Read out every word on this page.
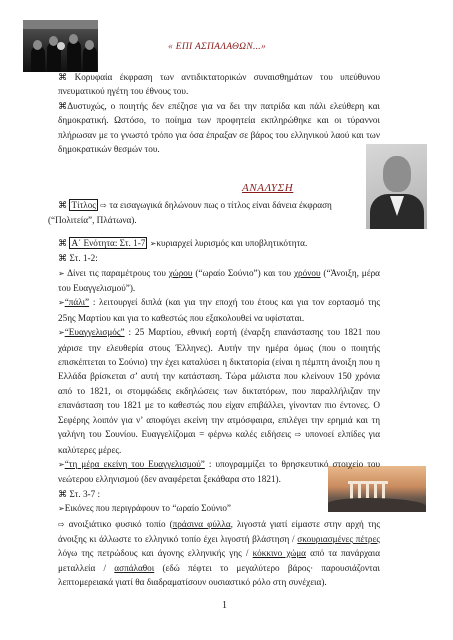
« ΕΠΙ ΑΣΠΑΛΑΘΩΝ...»

⌘ Κορυφαία έκφραση των αντιδικτατορικών συναισθημάτων του υπεύθυνου πνευματικού ηγέτη του έθνους του.

⌘Δυστυχώς, ο ποιητής δεν επέζησε για να δει την πατρίδα και πάλι ελεύθερη και δημοκρατική. Ωστόσο, το ποίημα των προφητεία εκπληρώθηκε και οι τύραννοι πλήρωσαν με το γνωστό τρόπο για όσα έπραξαν σε βάρος του ελληνικού λαού και των δημοκρατικών θεσμών του.

ΑΝΑΛΥΣΗ

⌘ Τίτλος ⇨ τα εισαγωγικά δηλώνουν πως ο τίτλος είναι δάνεια έκφραση

(“Πολιτεία”, Πλάτωνα).

⌘ Α΄ Ενότητα: Στ. 1-7 ➢κυριαρχεί λυρισμός και υποβλητικότητα.

⌘ Στ. 1-2:

➢ Δίνει τις παραμέτρους του χώρου (“ωραίο Σούνιο”) και του χρόνου (“Άνοιξη, μέρα του Ευαγγελισμού”).

➢“πάλι” : λειτουργεί διπλά (και για την εποχή του έτους και για τον εορτασμό της 25ης Μαρτίου και για το καθεστώς που εξακολουθεί να υφίσταται.

➢“Ευαγγελισμός” : 25 Μαρτίου, εθνική εορτή (έναρξη επανάστασης του 1821 που χάρισε την ελευθερία στους Έλληνες). Αυτήν την ημέρα όμως (που ο ποιητής επισκέπτεται το Σούνιο) την έχει καταλύσει η δικτατορία (είναι η πέμπτη άνοιξη που η Ελλάδα βρίσκεται σ’ αυτή την κατάσταση. Τώρα μάλιστα που κλείνουν 150 χρόνια από το 1821, οι στομφώδεις εκδηλώσεις των δικτατόρων, που παραλλήλιζαν την επανάσταση του 1821 με το καθεστώς που είχαν επιβάλλει, γίνονταν πιο έντονες. Ο Σεφέρης λοιπόν για ν’ αποφύγει εκείνη την ατμόσφαιρα, επιλέγει την ερημιά και τη γαλήνη του Σουνίου. Ευαγγελίζομαι = φέρνω καλές ειδήσεις ⇨ υπονοεί ελπίδες για καλύτερες μέρες.

➢“τη μέρα εκείνη του Ευαγγελισμού” : υπογραμμίζει το θρησκευτικό στοιχείο του νεώτερου ελληνισμού (δεν αναφέρεται ξεκάθαρα στο 1821).

⌘ Στ. 3-7 :

➢Εικόνες που περιγράφουν το “ωραίο Σούνιο”

⇨ ανοιξιάτικο φυσικό τοπίο (πράσινα φύλλα, λιγοστά γιατί είμαστε στην αρχή της άνοιξης κι άλλωστε το ελληνικό τοπίο έχει λιγοστή βλάστηση / σκουριασμένες πέτρες λόγω της πετρώδους και άγονης ελληνικής γης / κόκκινο χώμα από τα πανάρχαια μεταλλεία / ασπάλαθοι (εδώ πέφτει το μεγαλύτερο βάρος· παρουσιάζονται λεπτομερειακά γιατί θα διαδραματίσουν ουσιαστικό ρόλο στη συνέχεια).

1
